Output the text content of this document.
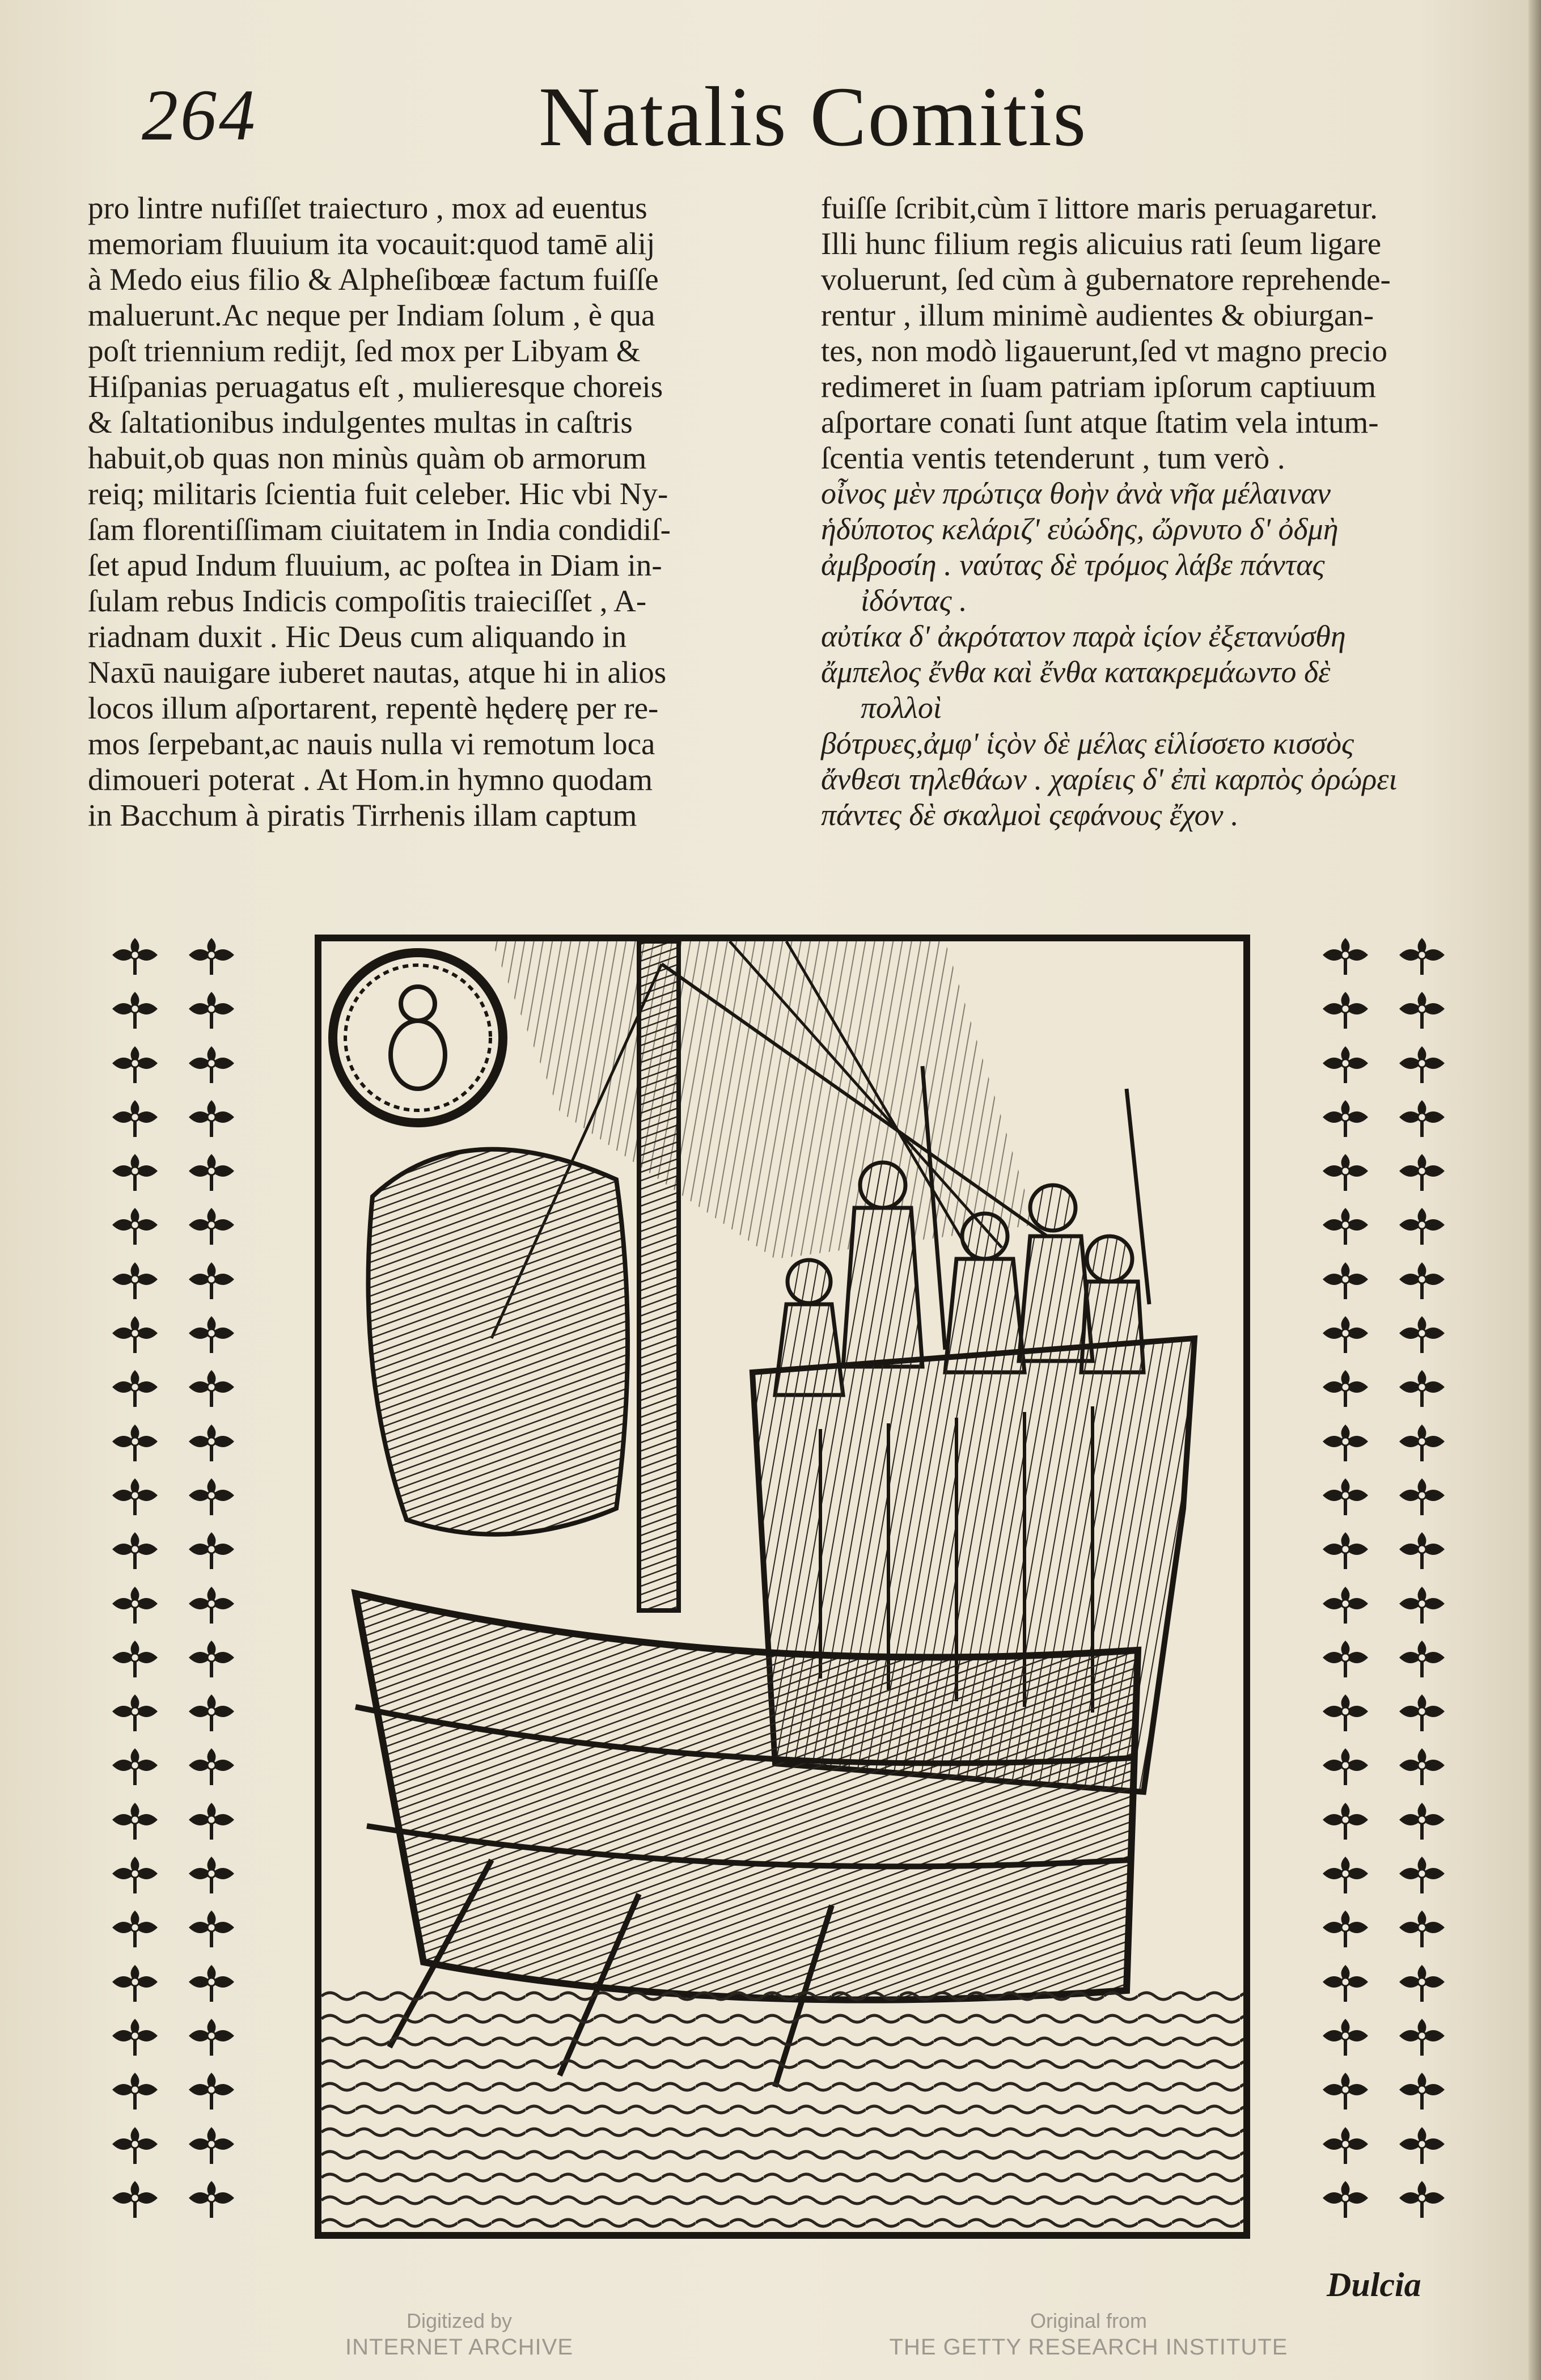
264	Natalis Comitis
pro lintre nufiſſet traiecturo , mox ad euentus
memoriam fluuium ita vocauit:quod tamē alij
à Medo eius filio & Alpheſibœæ factum fuiſſe
maluerunt.Ac neque per Indiam ſolum , è qua
poſt triennium redijt, ſed mox per Libyam &
Hiſpanias peruagatus eſt , mulieresque choreis
& ſaltationibus indulgentes multas in caſtris
habuit,ob quas non minùs quàm ob armorum
reiq; militaris ſcientia fuit celeber. Hic vbi Ny-
ſam florentiſſimam ciuitatem in India condidiſ-
ſet apud Indum fluuium, ac poſtea in Diam in-
ſulam rebus Indicis compoſitis traieciſſet , A-
riadnam duxit . Hic Deus cum aliquando in
Naxū nauigare iuberet nautas, atque hi in alios
locos illum aſportarent, repentè hęderę per re-
mos ſerpebant,ac nauis nulla vi remotum loca
dimoueri poterat . At Hom.in hymno quodam
in Bacchum à piratis Tirrhenis illam captum
fuiſſe ſcribit,cùm ī littore maris peruagaretur.
Illi hunc filium regis alicuius rati ſeum ligare
voluerunt, ſed cùm à gubernatore reprehende-
rentur , illum minimè audientes & obiurgan-
tes, non modò ligauerunt,ſed vt magno precio
redimeret in ſuam patriam ipſorum captiuum
aſportare conati ſunt atque ſtatim vela intum-
ſcentia ventis tetenderunt , tum verò .
οἶνος μὲν πρώτιςα θοὴν ἀνὰ νῆα μέλαιναν
ἡδύποτος κελάριζ' εὐώδης, ὤρνυτο δ' ὀδμὴ
ἀμβροσίη . ναύτας δὲ τρόμος λάβε πάντας
ἰδόντας .
αὐτίκα δ' ἀκρότατον παρὰ ἱςίον ἐξετανύσθη
ἄμπελος ἔνθα καὶ ἔνθα κατακρεμάωντο δὲ
πολλοὶ
βότρυες,ἀμφ' ἱςὸν δὲ μέλας εἱλίσσετο κισσὸς
ἄνθεσι τηλεθάων . χαρίεις δ' ἐπὶ καρπὸς ὀρώρει
πάντες δὲ σκαλμοὶ ςεφάνους ἔχον .
Dulcia
Digitized by
INTERNET ARCHIVE
Original from
THE GETTY RESEARCH INSTITUTE
